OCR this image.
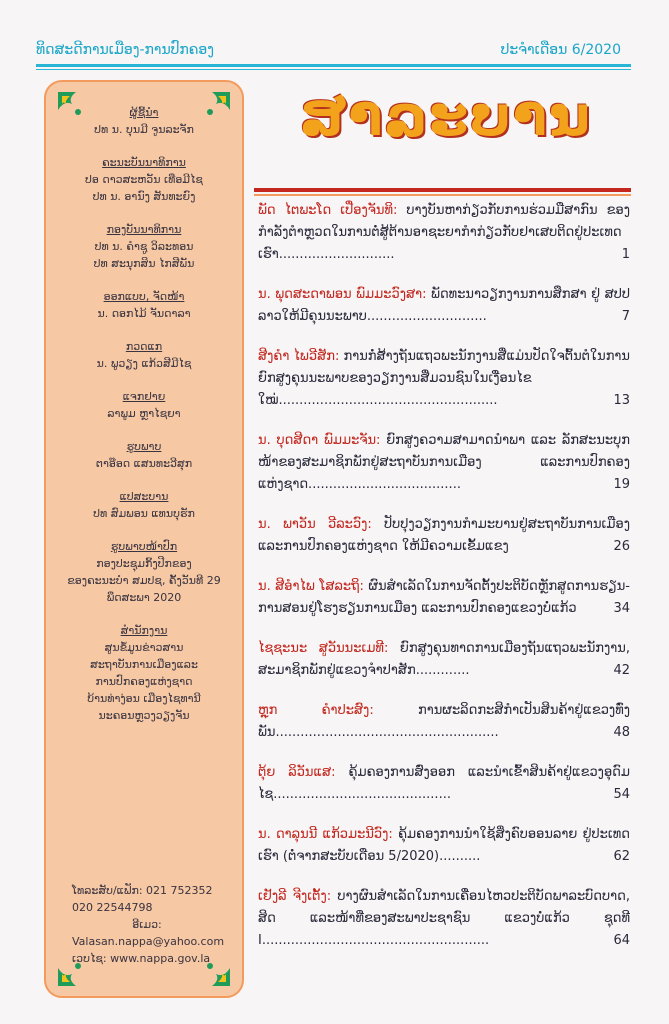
ທິດສະດີການເມືອງ-ການປົກຄອງ	ປະຈຳເດືອນ 6/2020
ຜູ້ຊີ້ນຳ
ປທ ນ. ບຸນມີ ຈູນລະຈັກ
ຄະນະບັນນາທິການ
ປອ ດາວສະຫວັນ ເທືອມີໄຊ
ປທ ນ. ອານົງ ສັນທະຍົງ
ກອງບັນນາທິການ
ປທ ນ. ຄຳຊູ ວິລະທອນ
ປທ ສະນຸກສິນ ໄກສີພັນ
ອອກແບບ, ຈັດໜ້າ
ນ. ດອກໄມ້ ຈັນດາລາ
ກວດແກ
ນ. ພູວຽງ ແກ້ວສີມີໄຊ
ແຈກຢາຍ
ລາພູມ ຫຼາໄຊຍາ
ຮູບພາບ
ຕາອ໊ອດ ແສນທະວີສຸກ
ແປສະບານ
ປທ ສົມພອນ ແທນບຸຮັກ
ຮູບພາບໜ້າປົກ
ກອງປະຊຸມກິ້ງປີກຂອງ
ຂອງຄະນະບຳ ສມປຊ, ຄັ້ງວັນທີ 29
ພຶດສະພາ 2020
ສຳນັກງານ
ສູນຂໍ້ມູນຂ່າວສານ
ສະຖາບັນການເມືອງແລະ
ການປົກຄອງແຫ່ງຊາດ
ບ້ານທ່າງ່ອນ ເມືອງໄຊທານີ
ນະຄອນຫຼວງວຽງຈັນ
ໂທລະສັບ/ແຟັກ: 021 752352
020 22544798
ອີເມວ:
Valasan.nappa@yahoo.com
ເວບໄຊ: www.nappa.gov.la
ສາລະບານ
ພັດ ໄຕພະໂດ ເປື່ອງຈັນທິ: ບາງບັນຫາກ່ຽວກັບການຮ່ວມມືສາກົນ ຂອງກຳລັງຕຳຫຼວດໃນການຕໍ່ສູ້ຕ້ານອາຊະຍາກຳກ່ຽວກັບຢາເສບຕິດຢູ່ປະເທດເຮົາ............................	1
ນ. ພຸດສະດາພອນ ພົມມະວົງສາ: ພັດທະນາວຽກງານການສຶກສາ ຢູ່ ສປປ ລາວໃຫ້ມີຄຸນນະພາບ.............................	7
ສີງຄຳ ໄພວີສັກ: ການກໍ່ສ້າງຖັນແຖວພະນັກງານສື່ແມ່ນປັດໃຈຕົ້ນຕໍໃນການຍົກສູງຄຸນນະພາບຂອງວຽກງານສື່ມວນຊົນໃນເງື່ອນໄຂໃໝ່.....................................................	13
ນ. ບຸດສີດາ ພົມມະຈັນ: ຍົກສູງຄວາມສາມາດນຳພາ ແລະ ລັກສະນະບຸກໜ້າຂອງສະມາຊິກພັກຢູ່ສະຖາບັນການເມືອງ ແລະການປົກຄອງແຫ່ງຊາດ.....................................	19
ນ. ພາວັນ ວີລະວົງ: ປັບປຸງວຽກງານກຳມະບານຢູ່ສະຖາບັນການເມືອງ ແລະການປົກຄອງແຫ່ງຊາດ ໃຫ້ມີຄວາມເຂັ້ມແຂງ	26
ນ. ສີອຳໄພ ໂສລະຖິ: ຜົນສຳເລັດໃນການຈັດຕັ້ງປະຕິບັດຫຼັກສູດການຮຽນ-ການສອນຢູ່ໂຮງຮຽນການເມືອງ ແລະການປົກຄອງແຂວງບໍ່ແກ້ວ	34
ໄຊຊະນະ ສູວັນນະເມທີ: ຍົກສູງຄຸນທາດການເມືອງຖັນແຖວພະນັກງານ, ສະມາຊິກພັກຢູ່ແຂວງຈຳປາສັກ.............	42
ຫຼຸກ ຄຳປະສົງ:	ການຜະລິດກະສິກຳເປັນສິນຄ້າຢູ່ແຂວງທົ່ງພັນ......................................................	48
ຕຸ້ຍ ລິວັນແສ: ຄຸ້ມຄອງການສົ່ງອອກ ແລະນຳເຂົ້າສິນຄ້າຢູ່ແຂວງອຸດົມໄຊ...........................................	54
ນ. ດາລຸນນີ ແກ້ວມະນີວົງ: ຄຸ້ມຄອງການນຳໃຊ້ສິ່ງຄົບອອນລາຍ ຢູ່ປະເທດເຮົາ (ຕໍ່ຈາກສະບັບເດືອນ 5/2020)..........	62
ເຢັງລີ ຈີງເຕັ້ງ: ບາງຜົນສຳເລັດໃນການເຄື່ອນໄຫວປະຕິບັດພາລະບົດບາດ, ສິດ ແລະໜ້າທີ່ຂອງສະພາປະຊາຊົນ ແຂວງບໍ່ແກ້ວ ຊຸດທີ I.......................................................	64
